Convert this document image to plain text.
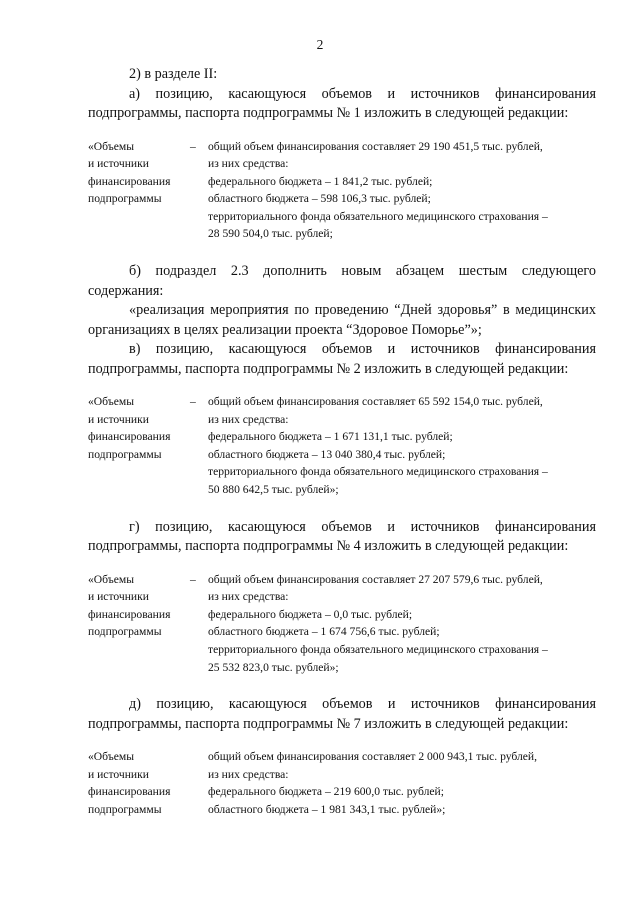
2

2) в разделе II:

а) позицию, касающуюся объемов и источников финансирования подпрограммы, паспорта подпрограммы № 1 изложить в следующей редакции:

«Объемы
и источники
финансирования
подпрограммы
–	общий объем финансирования составляет 29 190 451,5 тыс. рублей,
из них средства:
федерального бюджета – 1 841,2 тыс. рублей;
областного бюджета – 598 106,3 тыс. рублей;
территориального фонда обязательного медицинского страхования –
28 590 504,0 тыс. рублей;

б) подраздел 2.3 дополнить новым абзацем шестым следующего содержания:

«реализация мероприятия по проведению “Дней здоровья” в медицинских организациях в целях реализации проекта “Здоровое Поморье”»;

в) позицию, касающуюся объемов и источников финансирования подпрограммы, паспорта подпрограммы № 2 изложить в следующей редакции:

«Объемы
и источники
финансирования
подпрограммы
–	общий объем финансирования составляет 65 592 154,0 тыс. рублей,
из них средства:
федерального бюджета – 1 671 131,1 тыс. рублей;
областного бюджета – 13 040 380,4 тыс. рублей;
территориального фонда обязательного медицинского страхования –
50 880 642,5 тыс. рублей»;

г) позицию, касающуюся объемов и источников финансирования подпрограммы, паспорта подпрограммы № 4 изложить в следующей редакции:

«Объемы
и источники
финансирования
подпрограммы
–	общий объем финансирования составляет 27 207 579,6 тыс. рублей,
из них средства:
федерального бюджета – 0,0 тыс. рублей;
областного бюджета – 1 674 756,6 тыс. рублей;
территориального фонда обязательного медицинского страхования –
25 532 823,0 тыс. рублей»;

д) позицию, касающуюся объемов и источников финансирования подпрограммы, паспорта подпрограммы № 7 изложить в следующей редакции:

«Объемы
и источники
финансирования
подпрограммы
общий объем финансирования составляет 2 000 943,1 тыс. рублей,
из них средства:
федерального бюджета – 219 600,0 тыс. рублей;
областного бюджета – 1 981 343,1 тыс. рублей»;
